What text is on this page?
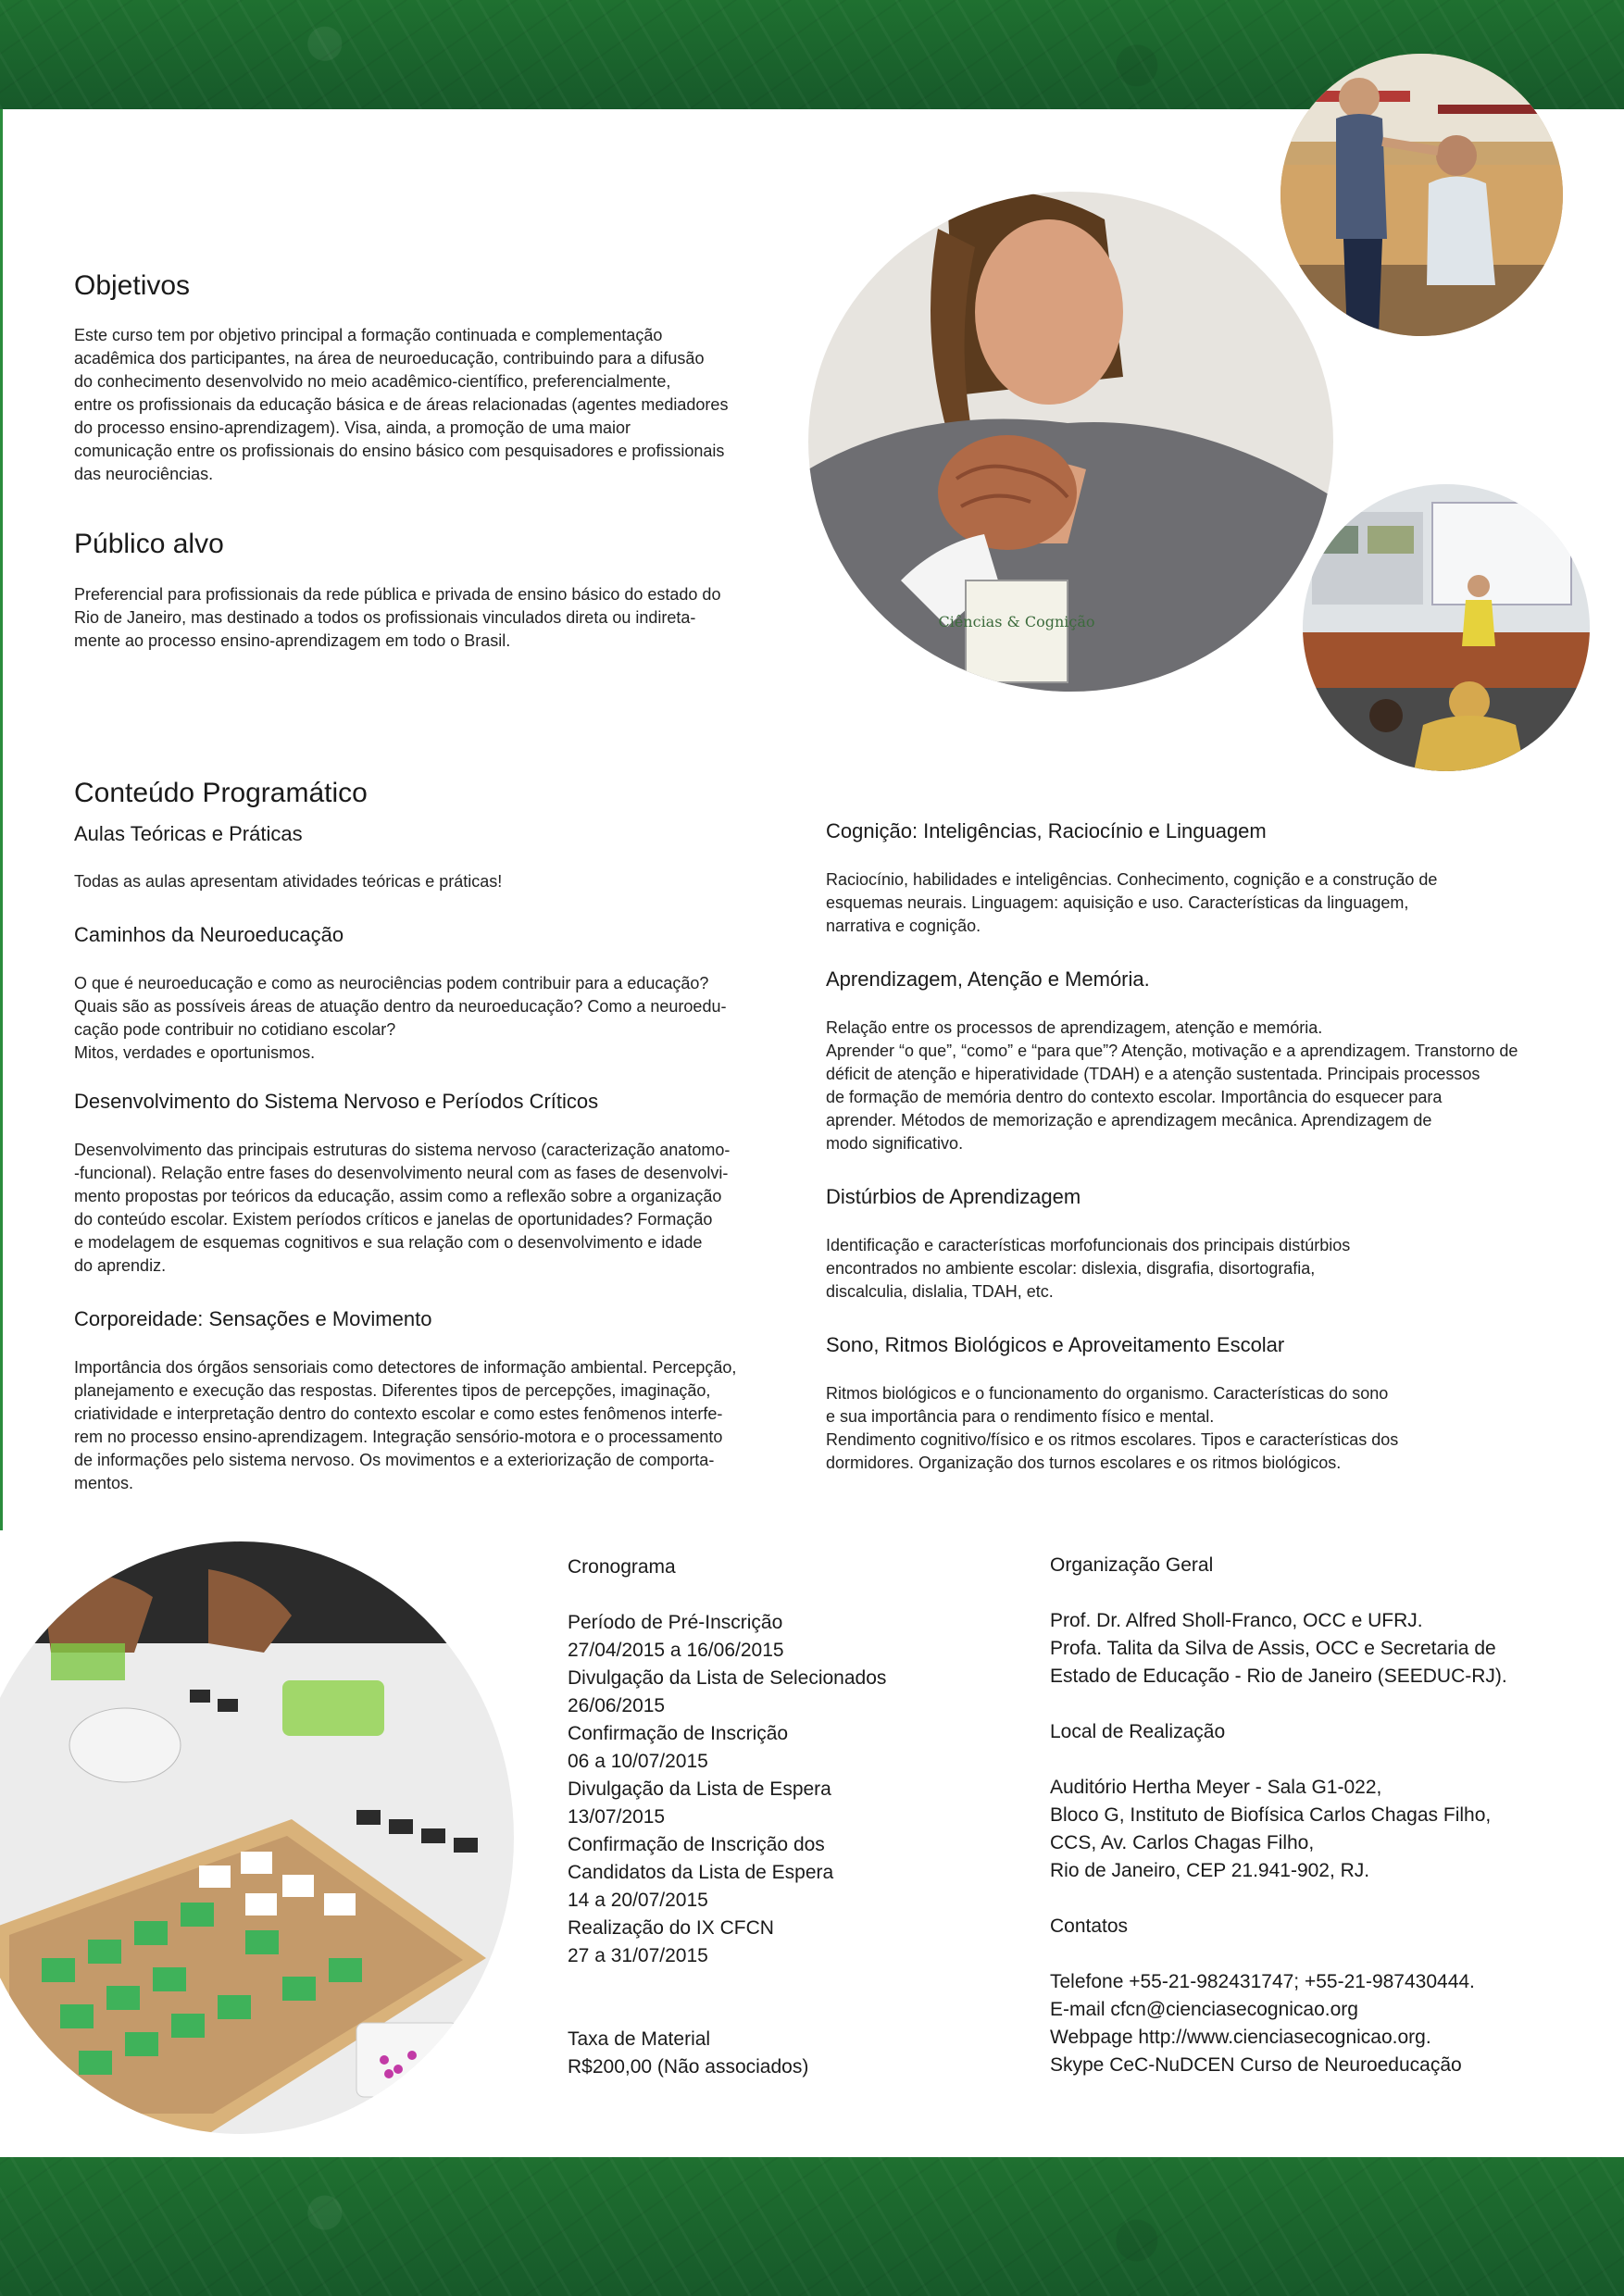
Ciências & Cognição
Objetivos
Este curso tem por objetivo principal a formação continuada e complementação
acadêmica dos participantes, na área de neuroeducação, contribuindo para a difusão
do conhecimento desenvolvido no meio acadêmico-científico, preferencialmente,
entre os profissionais da educação básica e de áreas relacionadas (agentes mediadores
do processo ensino-aprendizagem). Visa, ainda, a promoção de uma maior
comunicação entre os profissionais do ensino básico com pesquisadores e profissionais
das neurociências.
Público alvo
Preferencial para profissionais da rede pública e privada de ensino básico do estado do
Rio de Janeiro, mas destinado a todos os profissionais vinculados direta ou indireta-
mente ao processo ensino-aprendizagem em todo o Brasil.
Conteúdo Programático
Aulas Teóricas e Práticas
Todas as aulas apresentam atividades teóricas e práticas!
Caminhos da Neuroeducação
O que é neuroeducação e como as neurociências podem contribuir para a educação?
Quais são as possíveis áreas de atuação dentro da neuroeducação? Como a neuroedu-
cação pode contribuir no cotidiano escolar?
Mitos, verdades e oportunismos.
Desenvolvimento do Sistema Nervoso e Períodos Críticos
Desenvolvimento das principais estruturas do sistema nervoso (caracterização anatomo-
-funcional). Relação entre fases do desenvolvimento neural com as fases de desenvolvi-
mento propostas por teóricos da educação, assim como a reflexão sobre a organização
do conteúdo escolar. Existem períodos críticos e janelas de oportunidades? Formação
e modelagem de esquemas cognitivos e sua relação com o desenvolvimento e idade
do aprendiz.
Corporeidade: Sensações e Movimento
Importância dos órgãos sensoriais como detectores de informação ambiental. Percepção,
planejamento e execução das respostas. Diferentes tipos de percepções, imaginação,
criatividade e interpretação dentro do contexto escolar e como estes fenômenos interfe-
rem no processo ensino-aprendizagem. Integração sensório-motora e o processamento
de informações pelo sistema nervoso. Os movimentos e a exteriorização de comporta-
mentos.
Cognição: Inteligências, Raciocínio e Linguagem
Raciocínio, habilidades e inteligências. Conhecimento, cognição e a construção de
esquemas neurais. Linguagem: aquisição e uso. Características da linguagem,
narrativa e cognição.
Aprendizagem, Atenção e Memória.
Relação entre os processos de aprendizagem, atenção e memória.
Aprender “o que”, “como” e “para que”? Atenção, motivação e a aprendizagem. Transtorno de
déficit de atenção e hiperatividade (TDAH) e a atenção sustentada. Principais processos
de formação de memória dentro do contexto escolar. Importância do esquecer para
aprender. Métodos de memorização e aprendizagem mecânica. Aprendizagem de
modo significativo.
Distúrbios de Aprendizagem
Identificação e características morfofuncionais dos principais distúrbios
encontrados no ambiente escolar: dislexia, disgrafia, disortografia,
discalculia, dislalia, TDAH, etc.
Sono, Ritmos Biológicos e Aproveitamento Escolar
Ritmos biológicos e o funcionamento do organismo. Características do sono
e sua importância para o rendimento físico e mental.
Rendimento cognitivo/físico e os ritmos escolares. Tipos e características dos
dormidores. Organização dos turnos escolares e os ritmos biológicos.
Cronograma
Período de Pré-Inscrição
27/04/2015 a 16/06/2015
Divulgação da Lista de Selecionados
26/06/2015
Confirmação de Inscrição
06 a 10/07/2015
Divulgação da Lista de Espera
13/07/2015
Confirmação de Inscrição dos
Candidatos da Lista de Espera
14 a 20/07/2015
Realização do IX CFCN
27 a 31/07/2015
Taxa de Material
R$200,00 (Não associados)
Organização Geral
Prof. Dr. Alfred Sholl-Franco, OCC e UFRJ.
Profa. Talita da Silva de Assis, OCC e Secretaria de
Estado de Educação - Rio de Janeiro (SEEDUC-RJ).
Local de Realização
Auditório Hertha Meyer - Sala G1-022,
Bloco G, Instituto de Biofísica Carlos Chagas Filho,
CCS, Av. Carlos Chagas Filho,
Rio de Janeiro, CEP 21.941-902, RJ.
Contatos
Telefone +55-21-982431747; +55-21-987430444.
E-mail cfcn@cienciasecognicao.org
Webpage http://www.cienciasecognicao.org.
Skype CeC-NuDCEN Curso de Neuroeducação
